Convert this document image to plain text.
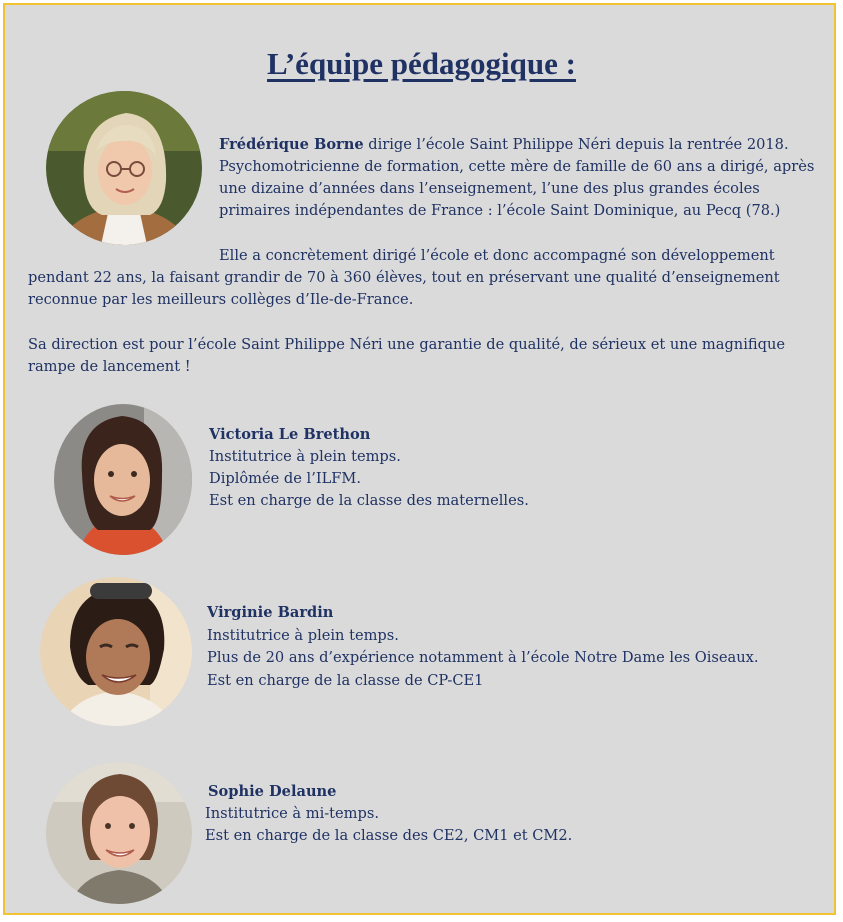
L’équipe pédagogique :

Frédérique Borne dirige l’école Saint Philippe Néri depuis la rentrée 2018.

Psychomotricienne de formation, cette mère de famille de 60 ans a dirigé, après

une dizaine d’années dans l’enseignement, l’une des plus grandes écoles

primaires indépendantes de France : l’école Saint Dominique, au Pecq (78.)

Elle a concrètement dirigé l’école et donc accompagné son développement

pendant 22 ans, la faisant grandir de 70 à 360 élèves, tout en préservant une qualité d’enseignement

reconnue par les meilleurs collèges d’Ile-de-France.

Sa direction est pour l’école Saint Philippe Néri une garantie de qualité, de sérieux et une magnifique

rampe de lancement !

Victoria Le Brethon

Institutrice à plein temps.

Diplômée de l’ILFM.

Est en charge de la classe des maternelles.

Virginie Bardin

Institutrice à plein temps.

Plus de 20 ans d’expérience notamment à l’école Notre Dame les Oiseaux.

Est en charge de la classe de CP-CE1

Sophie Delaune

Institutrice à mi-temps.

Est en charge de la classe des CE2, CM1 et CM2.
